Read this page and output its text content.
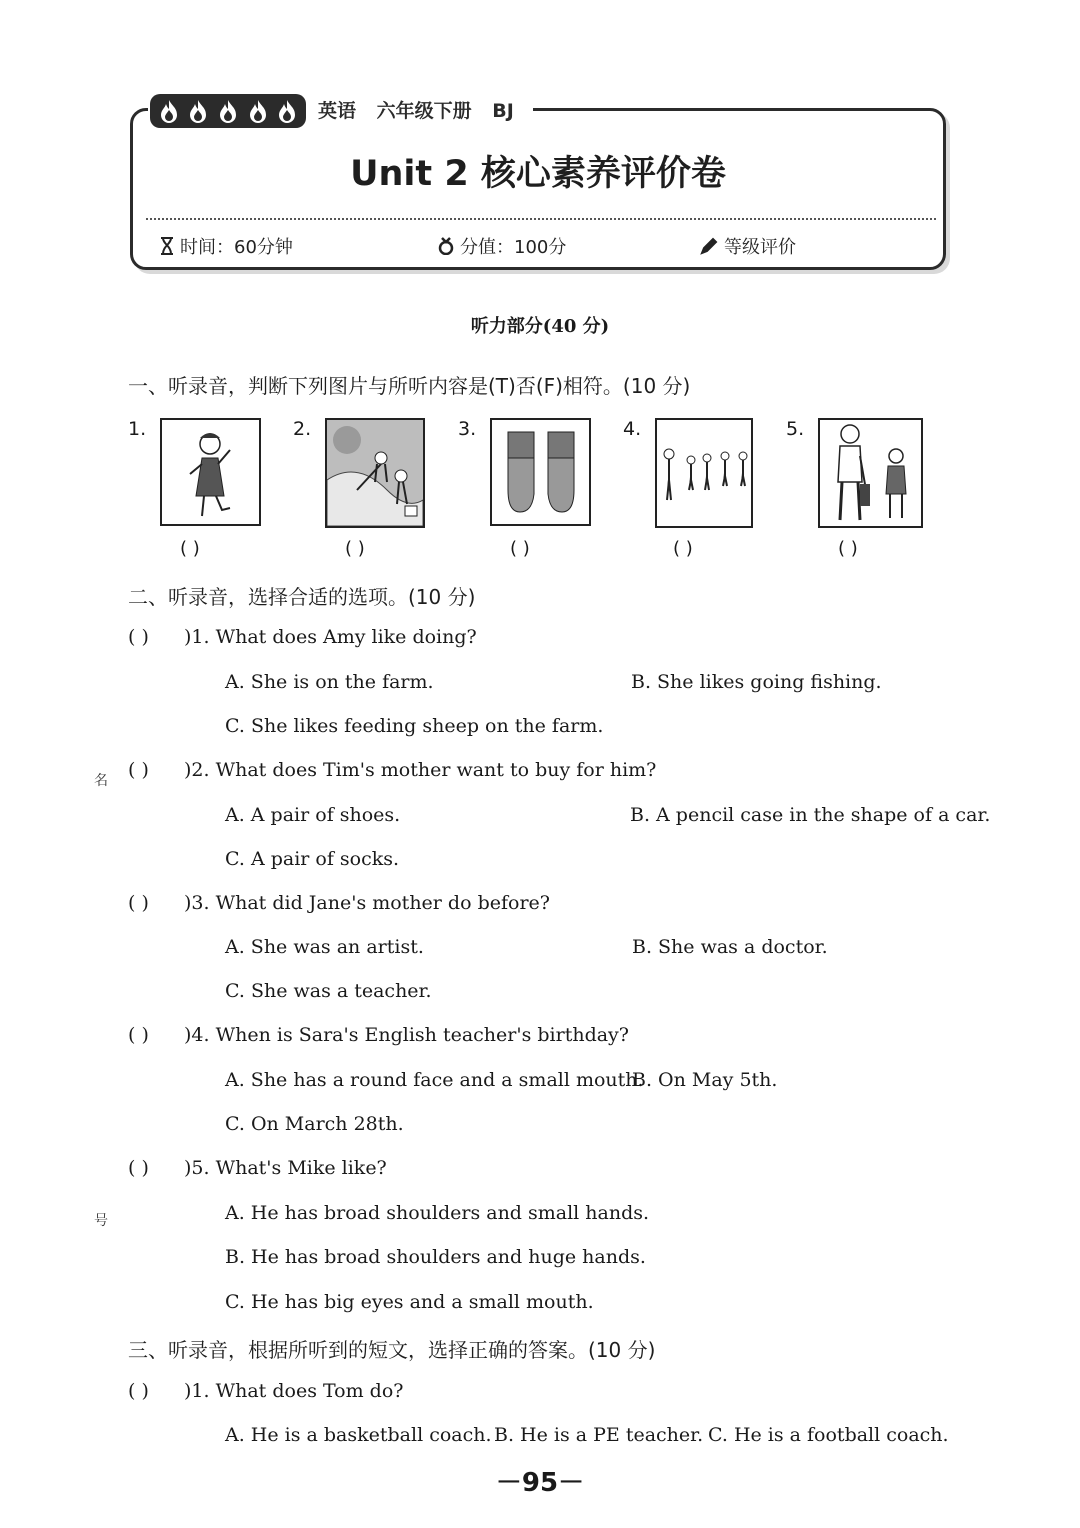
英语 六年级下册 BJ
Unit 2 核心素养评价卷
时间：60分钟	分值：100分	等级评价
听力部分(40 分)
一、听录音，判断下列图片与所听内容是(T)否(F)相符。(10 分)
1.
( )
2.
( )
3.
( )
4.
( )
5.
( )
二、听录音，选择合适的选项。(10 分)
( ) )1. What does Amy like doing?
A. She is on the farm.	B. She likes going fishing.
C. She likes feeding sheep on the farm.
名 ( ) )2. What does Tim's mother want to buy for him?
A. A pair of shoes.	B. A pencil case in the shape of a car.
C. A pair of socks.
( ) )3. What did Jane's mother do before?
A. She was an artist.	B. She was a doctor.
C. She was a teacher.
( ) )4. When is Sara's English teacher's birthday?
A. She has a round face and a small mouth.
B. On May 5th.
C. On March 28th.
( ) )5. What's Mike like?
号	A. He has broad shoulders and small hands.
B. He has broad shoulders and huge hands.
C. He has big eyes and a small mouth.
三、听录音，根据所听到的短文，选择正确的答案。(10 分)
( ) )1. What does Tom do?
A. He is a basketball coach. B. He is a PE teacher. C. He is a football coach.
－95－
